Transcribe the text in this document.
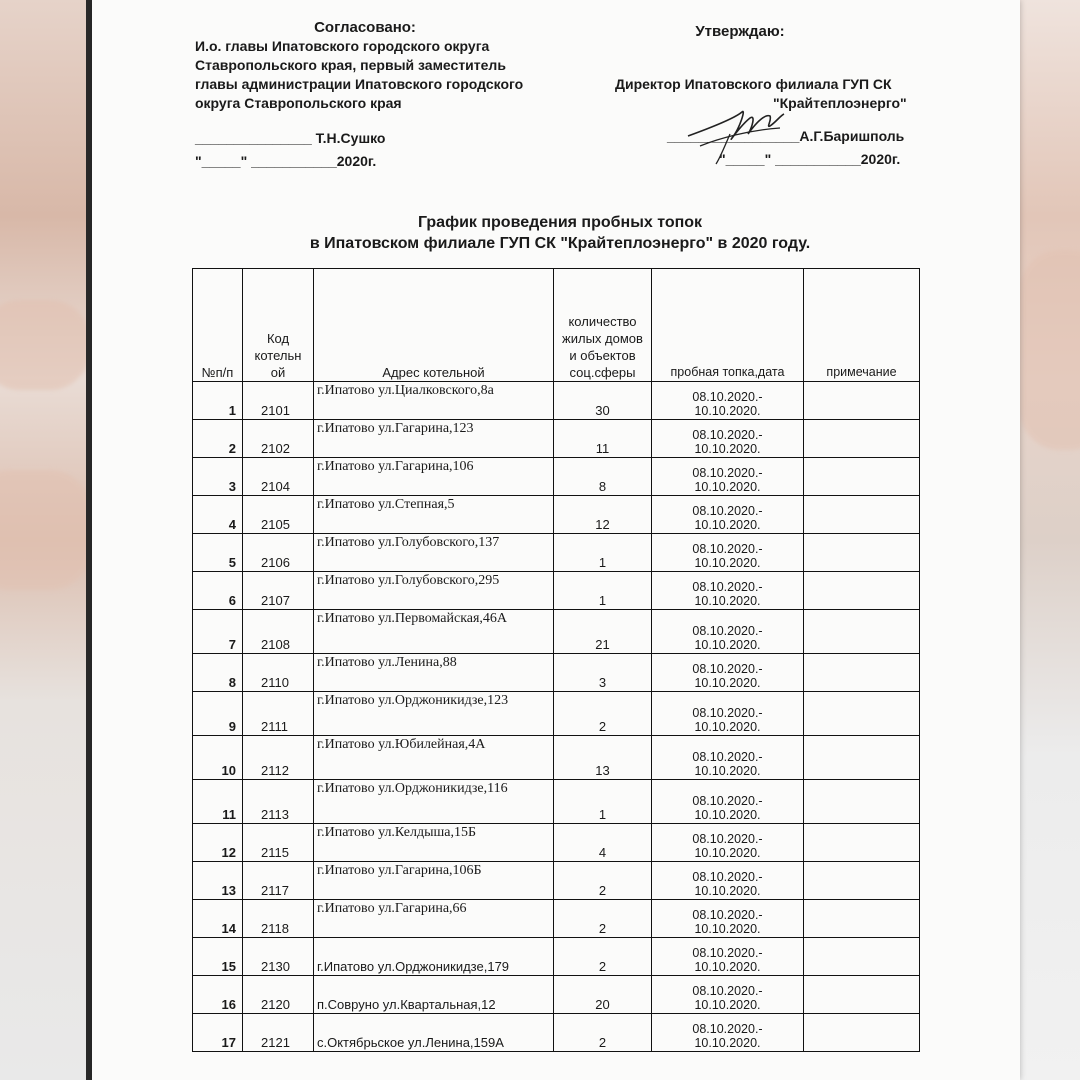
Согласовано:
И.о. главы Ипатовского городского округа
Ставропольского края, первый заместитель
главы администрации Ипатовского городского
округа Ставропольского края
_______________ Т.Н.Сушко
"_____" ___________2020г.
Утверждаю:
Директор Ипатовского филиала ГУП СК
"Крайтеплоэнерго"
_________________А.Г.Баришполь
"_____" ___________2020г.
График проведения пробных топок
в Ипатовском филиале ГУП СК "Крайтеплоэнерго" в 2020 году.
№п/п	Код котельн ой	Адрес котельной	количество жилых домов и объектов соц.сферы	пробная топка,дата	примечание
1	2101	г.Ипатово ул.Циалковского,8а	30	08.10.2020.-
10.10.2020.	

2	2102	г.Ипатово ул.Гагарина,123	11	08.10.2020.-
10.10.2020.	

3	2104	г.Ипатово ул.Гагарина,106	8	08.10.2020.-
10.10.2020.	

4	2105	г.Ипатово ул.Степная,5	12	08.10.2020.-
10.10.2020.	

5	2106	г.Ипатово ул.Голубовского,137	1	08.10.2020.-
10.10.2020.	

6	2107	г.Ипатово ул.Голубовского,295	1	08.10.2020.-
10.10.2020.	

7	2108	г.Ипатово ул.Первомайская,46А	21	08.10.2020.-
10.10.2020.	

8	2110	г.Ипатово ул.Ленина,88	3	08.10.2020.-
10.10.2020.	

9	2111	г.Ипатово ул.Орджоникидзе,123	2	08.10.2020.-
10.10.2020.	

10	2112	г.Ипатово ул.Юбилейная,4А	13	08.10.2020.-
10.10.2020.	

11	2113	г.Ипатово ул.Орджоникидзе,116	1	08.10.2020.-
10.10.2020.	

12	2115	г.Ипатово ул.Келдыша,15Б	4	08.10.2020.-
10.10.2020.	

13	2117	г.Ипатово ул.Гагарина,106Б	2	08.10.2020.-
10.10.2020.	

14	2118	г.Ипатово ул.Гагарина,66	2	08.10.2020.-
10.10.2020.	

15	2130	г.Ипатово ул.Орджоникидзе,179	2	08.10.2020.-
10.10.2020.	

16	2120	п.Совруно ул.Квартальная,12	20	08.10.2020.-
10.10.2020.	

17	2121	с.Октябрьское ул.Ленина,159А	2	08.10.2020.-
10.10.2020.	
